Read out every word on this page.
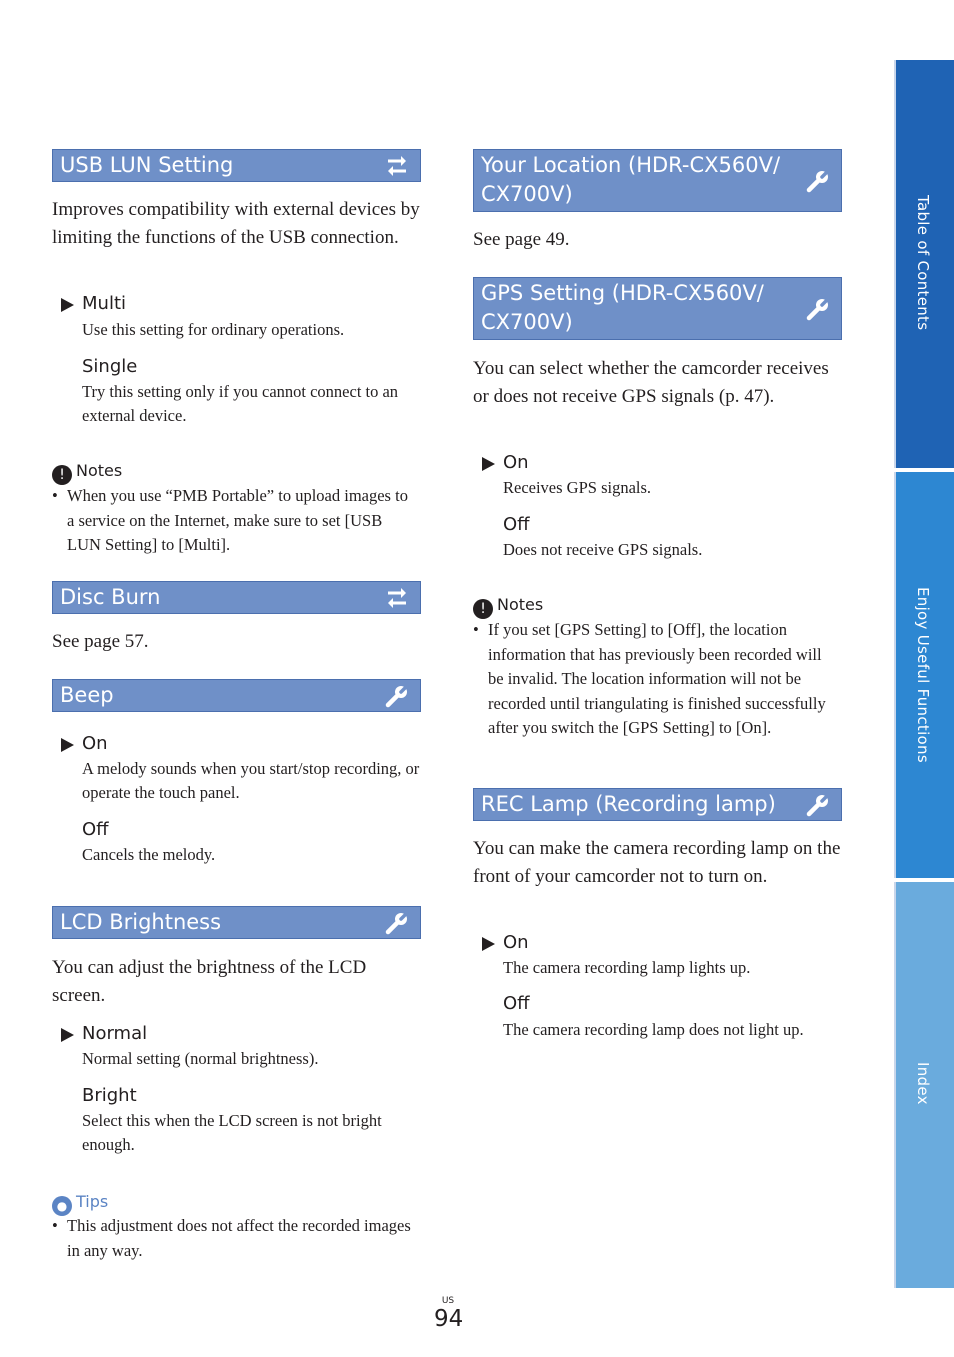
USB LUN Setting

Improves compatibility with external devices by limiting the functions of the USB connection.

Multi

Use this setting for ordinary operations.

Single

Try this setting only if you cannot connect to an external device.

! Notes

• When you use “PMB Portable” to upload images to a service on the Internet, make sure to set [USB LUN Setting] to [Multi].

Disc Burn

See page 57.

Beep
On

A melody sounds when you start/stop recording, or operate the touch panel.

Off

Cancels the melody.

LCD Brightness

You can adjust the brightness of the LCD screen.

Normal

Normal setting (normal brightness).

Bright

Select this when the LCD screen is not bright enough.

● Tips

• This adjustment does not affect the recorded images in any way.

Your Location (HDR-CX560V/ CX700V)

See page 49.

GPS Setting (HDR-CX560V/ CX700V)

You can select whether the camcorder receives or does not receive GPS signals (p. 47).

On

Receives GPS signals.

Off

Does not receive GPS signals.

! Notes

• If you set [GPS Setting] to [Off], the location information that has previously been recorded will be invalid. The location information will not be recorded until triangulating is finished successfully after you switch the [GPS Setting] to [On].

REC Lamp (Recording lamp)

You can make the camera recording lamp on the front of your camcorder not to turn on.

On

The camera recording lamp lights up.

Off

The camera recording lamp does not light up.

Table of Contents
Enjoy Useful Functions
Index
US
94
